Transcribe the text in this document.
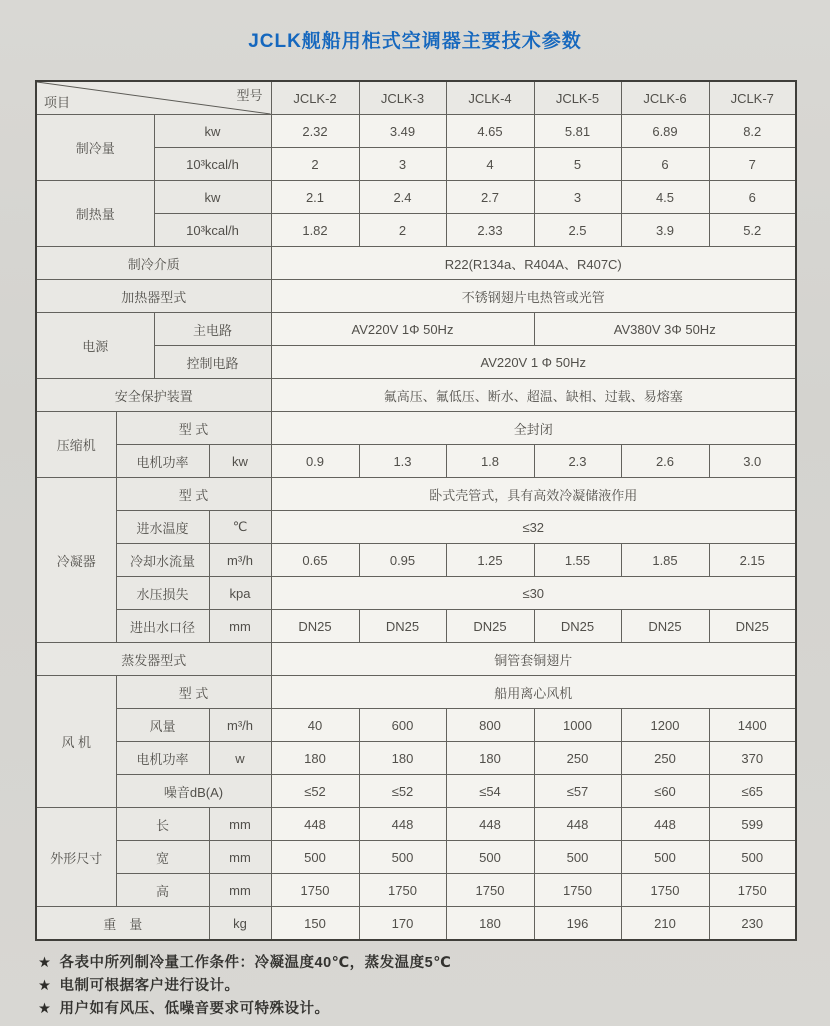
JCLK舰船用柜式空调器主要技术参数
型号
项目				JCLK-2	JCLK-3	JCLK-4	JCLK-5	JCLK-6	JCLK-7
制冷量		kw		2.32	3.49	4.65	5.81	6.89	8.2
		10³kcal/h		2	3	4	5	6	7
制热量		kw		2.1	2.4	2.7	3	4.5	6
		10³kcal/h		1.82	2	2.33	2.5	3.9	5.2
制冷介质				R22(R134a、R404A、R407C)					
加热器型式				不锈钢翅片电热管或光管					
电源		主电路		AV220V 1Φ 50Hz			AV380V 3Φ 50Hz		
		控制电路		AV220V 1 Φ 50Hz					
安全保护装置				氟高压、氟低压、断水、超温、缺相、过载、易熔塞					
压缩机	型 式			全封闭					
	电机功率		kw	0.9	1.3	1.8	2.3	2.6	3.0
冷凝器	型 式			卧式壳管式，具有高效冷凝储液作用					
	进水温度		℃	≤32					
	冷却水流量		m³/h	0.65	0.95	1.25	1.55	1.85	2.15
	水压损失		kpa	≤30					
	进出水口径		mm	DN25	DN25	DN25	DN25	DN25	DN25
蒸发器型式				铜管套铜翅片					
风 机	型 式			船用离心风机					
	风量		m³/h	40	600	800	1000	1200	1400
	电机功率		w	180	180	180	250	250	370
	噪音dB(A)			≤52	≤52	≤54	≤57	≤60	≤65
外形尺寸	长		mm	448	448	448	448	448	599
	宽		mm	500	500	500	500	500	500
	高		mm	1750	1750	1750	1750	1750	1750
重　量			kg	150	170	180	196	210	230
★ 各表中所列制冷量工作条件：冷凝温度40℃，蒸发温度5℃
★ 电制可根据客户进行设计。
★ 用户如有风压、低噪音要求可特殊设计。
